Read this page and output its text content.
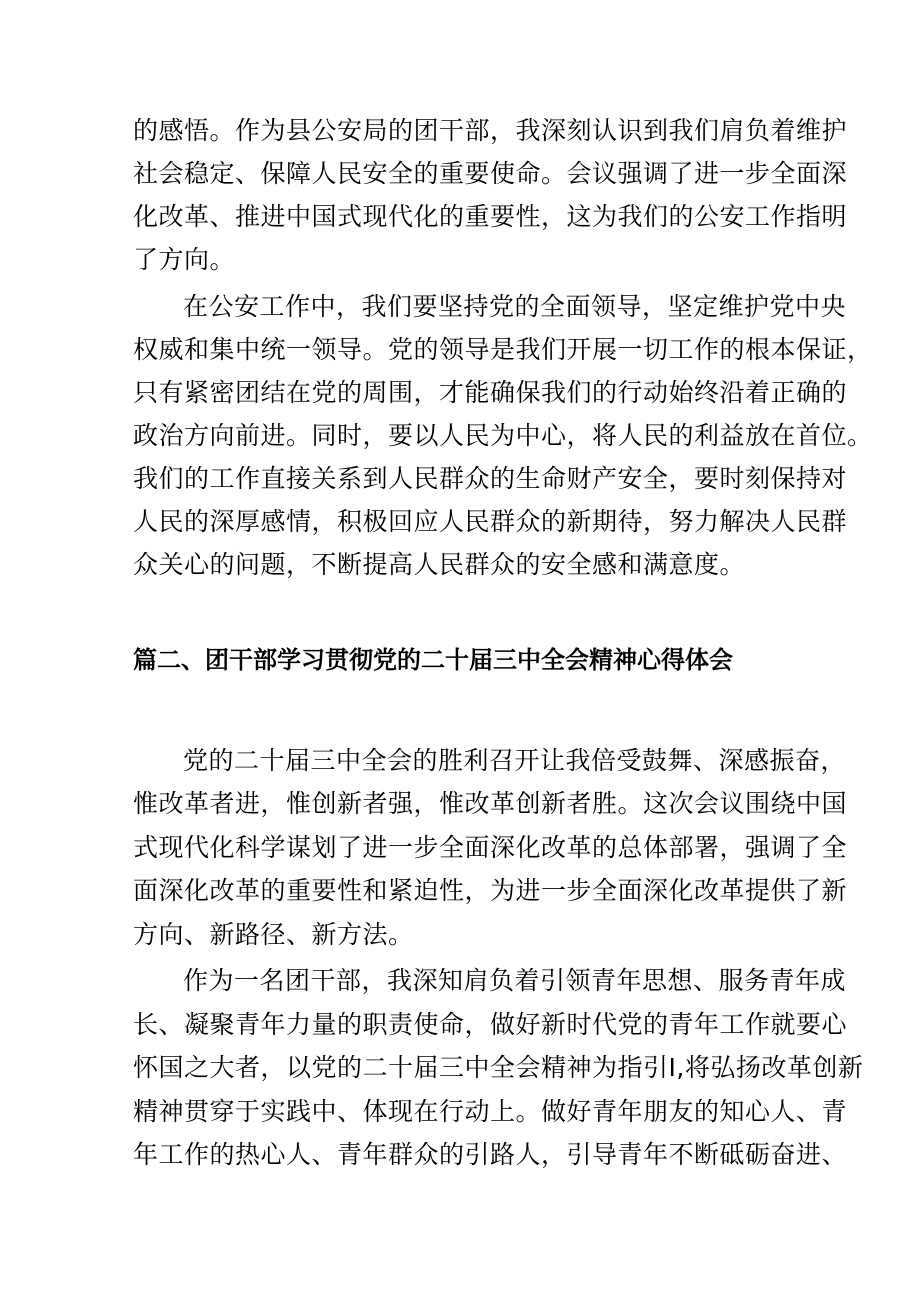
的感悟。作为县公安局的团干部，我深刻认识到我们肩负着维护
社会稳定、保障人民安全的重要使命。会议强调了进一步全面深
化改革、推进中国式现代化的重要性，这为我们的公安工作指明
了方向。
在公安工作中，我们要坚持党的全面领导，坚定维护党中央
权威和集中统一领导。党的领导是我们开展一切工作的根本保证，
只有紧密团结在党的周围，才能确保我们的行动始终沿着正确的
政治方向前进。同时，要以人民为中心，将人民的利益放在首位。
我们的工作直接关系到人民群众的生命财产安全，要时刻保持对
人民的深厚感情，积极回应人民群众的新期待，努力解决人民群
众关心的问题，不断提高人民群众的安全感和满意度。
篇二、团干部学习贯彻党的二十届三中全会精神心得体会
党的二十届三中全会的胜利召开让我倍受鼓舞、深感振奋，
惟改革者进，惟创新者强，惟改革创新者胜。这次会议围绕中国
式现代化科学谋划了进一步全面深化改革的总体部署，强调了全
面深化改革的重要性和紧迫性，为进一步全面深化改革提供了新
方向、新路径、新方法。
作为一名团干部，我深知肩负着引领青年思想、服务青年成
长、凝聚青年力量的职责使命，做好新时代党的青年工作就要心
怀国之大者，以党的二十届三中全会精神为指引I,将弘扬改革创新
精神贯穿于实践中、体现在行动上。做好青年朋友的知心人、青
年工作的热心人、青年群众的引路人，引导青年不断砥砺奋进、
